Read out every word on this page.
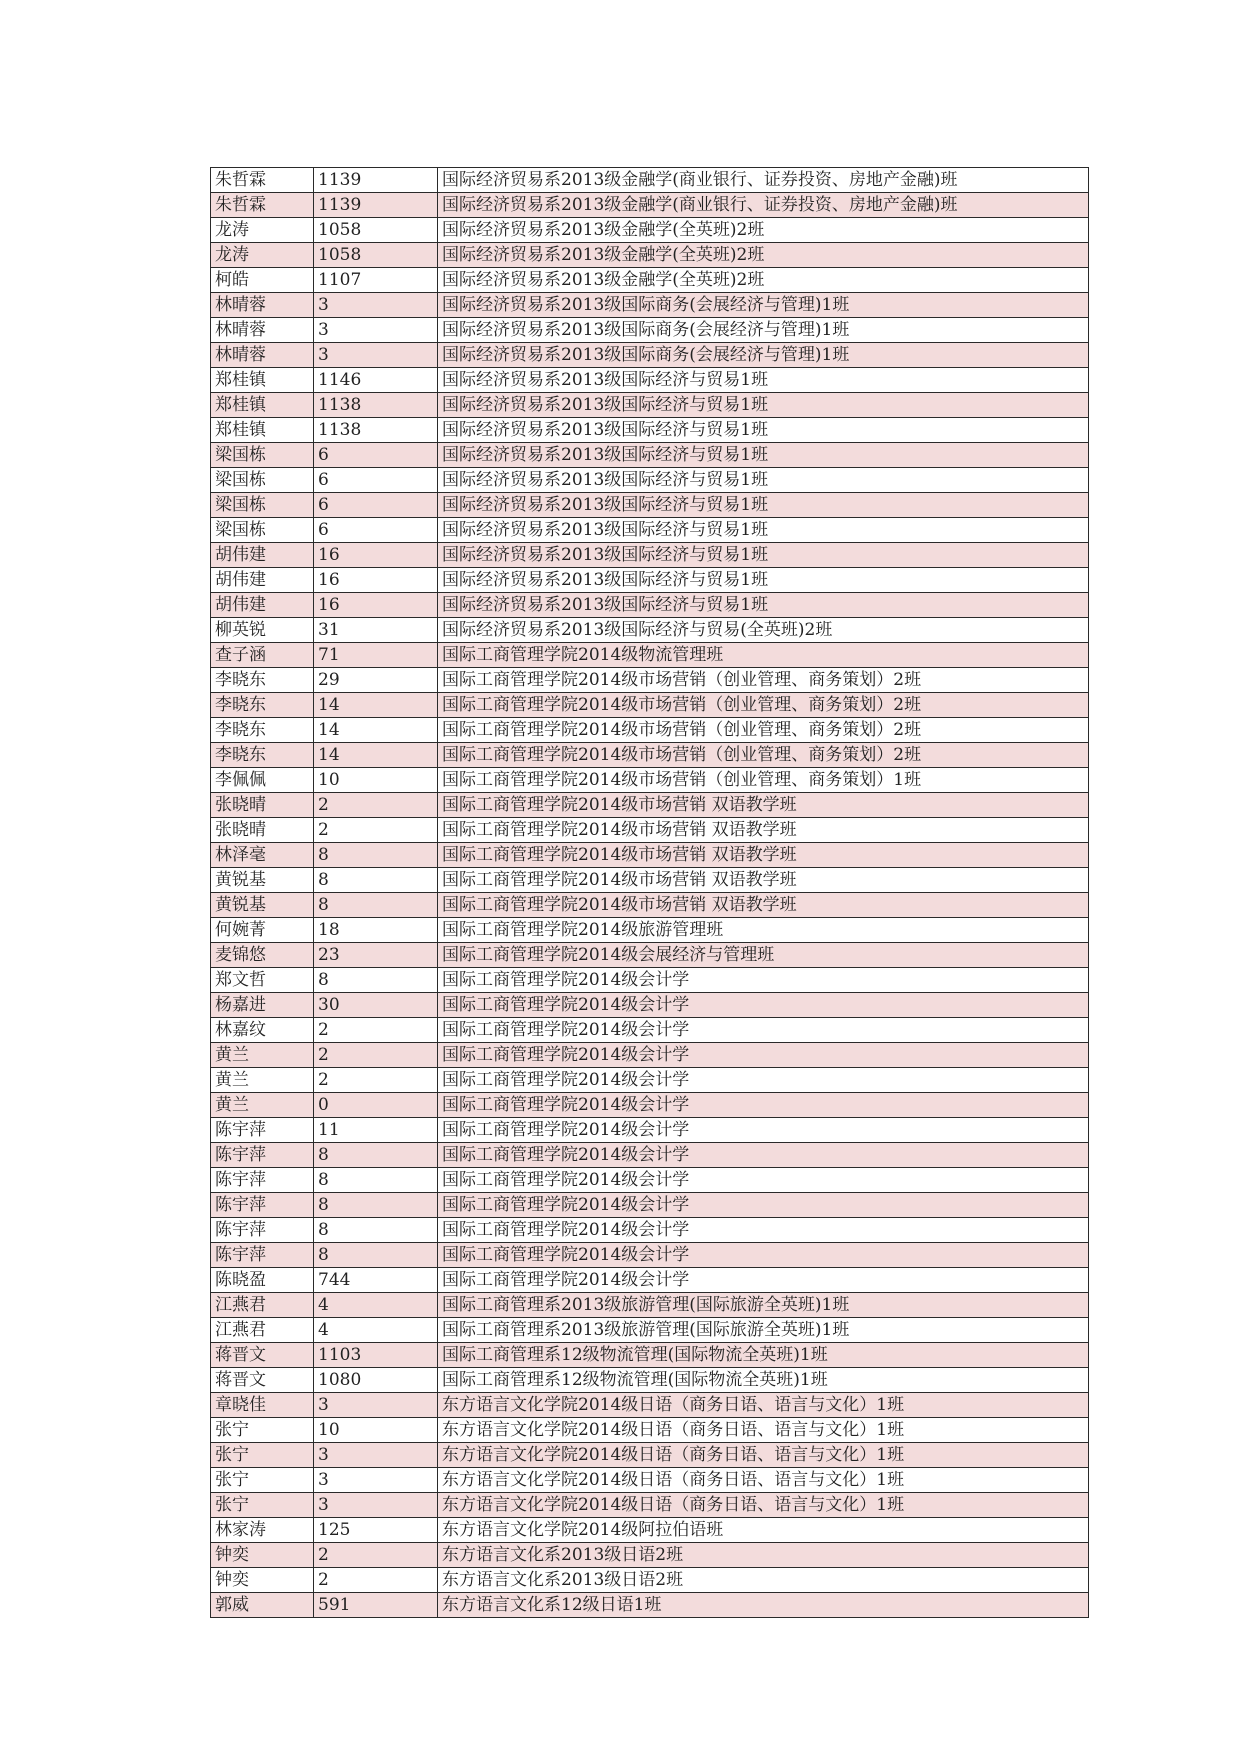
朱哲霖	1139	国际经济贸易系2013级金融学(商业银行、证券投资、房地产金融)班
朱哲霖	1139	国际经济贸易系2013级金融学(商业银行、证券投资、房地产金融)班
龙涛	1058	国际经济贸易系2013级金融学(全英班)2班
龙涛	1058	国际经济贸易系2013级金融学(全英班)2班
柯皓	1107	国际经济贸易系2013级金融学(全英班)2班
林晴蓉	3	国际经济贸易系2013级国际商务(会展经济与管理)1班
林晴蓉	3	国际经济贸易系2013级国际商务(会展经济与管理)1班
林晴蓉	3	国际经济贸易系2013级国际商务(会展经济与管理)1班
郑桂镇	1146	国际经济贸易系2013级国际经济与贸易1班
郑桂镇	1138	国际经济贸易系2013级国际经济与贸易1班
郑桂镇	1138	国际经济贸易系2013级国际经济与贸易1班
梁国栋	6	国际经济贸易系2013级国际经济与贸易1班
梁国栋	6	国际经济贸易系2013级国际经济与贸易1班
梁国栋	6	国际经济贸易系2013级国际经济与贸易1班
梁国栋	6	国际经济贸易系2013级国际经济与贸易1班
胡伟建	16	国际经济贸易系2013级国际经济与贸易1班
胡伟建	16	国际经济贸易系2013级国际经济与贸易1班
胡伟建	16	国际经济贸易系2013级国际经济与贸易1班
柳英锐	31	国际经济贸易系2013级国际经济与贸易(全英班)2班
查子涵	71	国际工商管理学院2014级物流管理班
李晓东	29	国际工商管理学院2014级市场营销（创业管理、商务策划）2班
李晓东	14	国际工商管理学院2014级市场营销（创业管理、商务策划）2班
李晓东	14	国际工商管理学院2014级市场营销（创业管理、商务策划）2班
李晓东	14	国际工商管理学院2014级市场营销（创业管理、商务策划）2班
李佩佩	10	国际工商管理学院2014级市场营销（创业管理、商务策划）1班
张晓晴	2	国际工商管理学院2014级市场营销 双语教学班
张晓晴	2	国际工商管理学院2014级市场营销 双语教学班
林泽毫	8	国际工商管理学院2014级市场营销 双语教学班
黄锐基	8	国际工商管理学院2014级市场营销 双语教学班
黄锐基	8	国际工商管理学院2014级市场营销 双语教学班
何婉菁	18	国际工商管理学院2014级旅游管理班
麦锦悠	23	国际工商管理学院2014级会展经济与管理班
郑文哲	8	国际工商管理学院2014级会计学
杨嘉进	30	国际工商管理学院2014级会计学
林嘉纹	2	国际工商管理学院2014级会计学
黄兰	2	国际工商管理学院2014级会计学
黄兰	2	国际工商管理学院2014级会计学
黄兰	0	国际工商管理学院2014级会计学
陈宇萍	11	国际工商管理学院2014级会计学
陈宇萍	8	国际工商管理学院2014级会计学
陈宇萍	8	国际工商管理学院2014级会计学
陈宇萍	8	国际工商管理学院2014级会计学
陈宇萍	8	国际工商管理学院2014级会计学
陈宇萍	8	国际工商管理学院2014级会计学
陈晓盈	744	国际工商管理学院2014级会计学
江燕君	4	国际工商管理系2013级旅游管理(国际旅游全英班)1班
江燕君	4	国际工商管理系2013级旅游管理(国际旅游全英班)1班
蒋晋文	1103	国际工商管理系12级物流管理(国际物流全英班)1班
蒋晋文	1080	国际工商管理系12级物流管理(国际物流全英班)1班
章晓佳	3	东方语言文化学院2014级日语（商务日语、语言与文化）1班
张宁	10	东方语言文化学院2014级日语（商务日语、语言与文化）1班
张宁	3	东方语言文化学院2014级日语（商务日语、语言与文化）1班
张宁	3	东方语言文化学院2014级日语（商务日语、语言与文化）1班
张宁	3	东方语言文化学院2014级日语（商务日语、语言与文化）1班
林家涛	125	东方语言文化学院2014级阿拉伯语班
钟奕	2	东方语言文化系2013级日语2班
钟奕	2	东方语言文化系2013级日语2班
郭威	591	东方语言文化系12级日语1班
